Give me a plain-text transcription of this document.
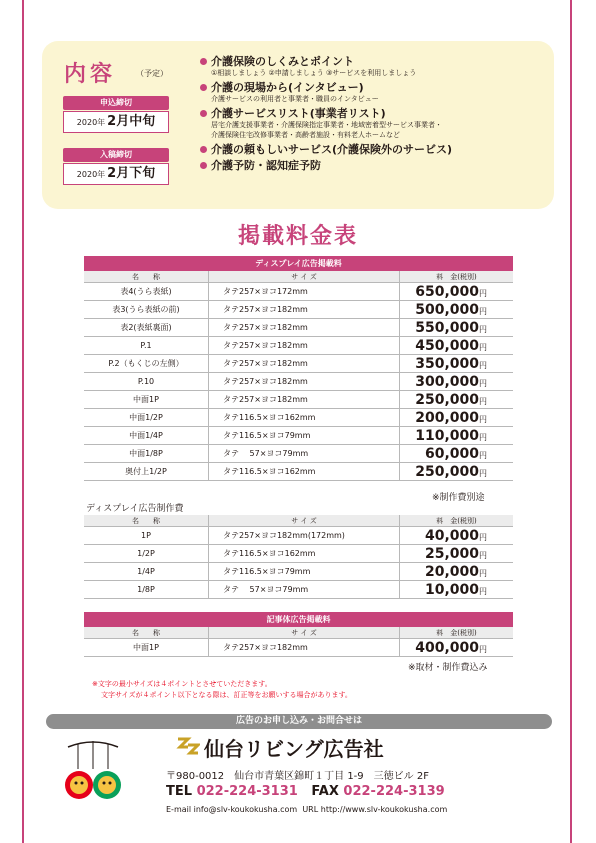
内容 （予定）
申込締切
2020年 2月中旬
入稿締切
2020年 2月下旬
介護保険のしくみとポイント
①相談しましょう ②申請しましょう ③サービスを利用しましょう
介護の現場から(インタビュー)
介護サービスの利用者と事業者・職員のインタビュー
介護サービスリスト(事業者リスト)
居宅介護支援事業者・介護保険指定事業者・地域密着型サービス事業者・
介護保険住宅改修事業者・高齢者施設・有料老人ホームなど
介護の頼もしいサービス(介護保険外のサービス)
介護予防・認知症予防
掲載料金表
ディスプレイ広告掲載料		
名　　称	サ イ ズ	料　金(税別)
表4(うら表紙)	タテ257×ヨコ172mm	650,000円
表3(うら表紙の前)	タテ257×ヨコ182mm	500,000円
表2(表紙裏面)	タテ257×ヨコ182mm	550,000円
P.1	タテ257×ヨコ182mm	450,000円
P.2（もくじの左側）	タテ257×ヨコ182mm	350,000円
P.10	タテ257×ヨコ182mm	300,000円
中面1P	タテ257×ヨコ182mm	250,000円
中面1/2P	タテ116.5×ヨコ162mm	200,000円
中面1/4P	タテ116.5×ヨコ79mm	110,000円
中面1/8P	タテ　 57×ヨコ79mm	60,000円
奥付上1/2P	タテ116.5×ヨコ162mm	250,000円
※制作費別途
ディスプレイ広告制作費
名　　称	サ イ ズ	料　金(税別)
1P	タテ257×ヨコ182mm(172mm)	40,000円
1/2P	タテ116.5×ヨコ162mm	25,000円
1/4P	タテ116.5×ヨコ79mm	20,000円
1/8P	タテ　 57×ヨコ79mm	10,000円
記事体広告掲載料		
名　　称	サ イ ズ	料　金(税別)
中面1P	タテ257×ヨコ182mm	400,000円
※取材・制作費込み
※文字の最小サイズは４ポイントとさせていただきます。
文字サイズが４ポイント以下となる際は、訂正等をお願いする場合があります。
広告のお申し込み・お問合せは
仙台リビング広告社
〒980-0012　仙台市青葉区錦町１丁目 1-9　三徳ビル 2F
TEL 022-224-3131 FAX 022-224-3139
E-mail info@slv-koukokusha.com URL http://www.slv-koukokusha.com
